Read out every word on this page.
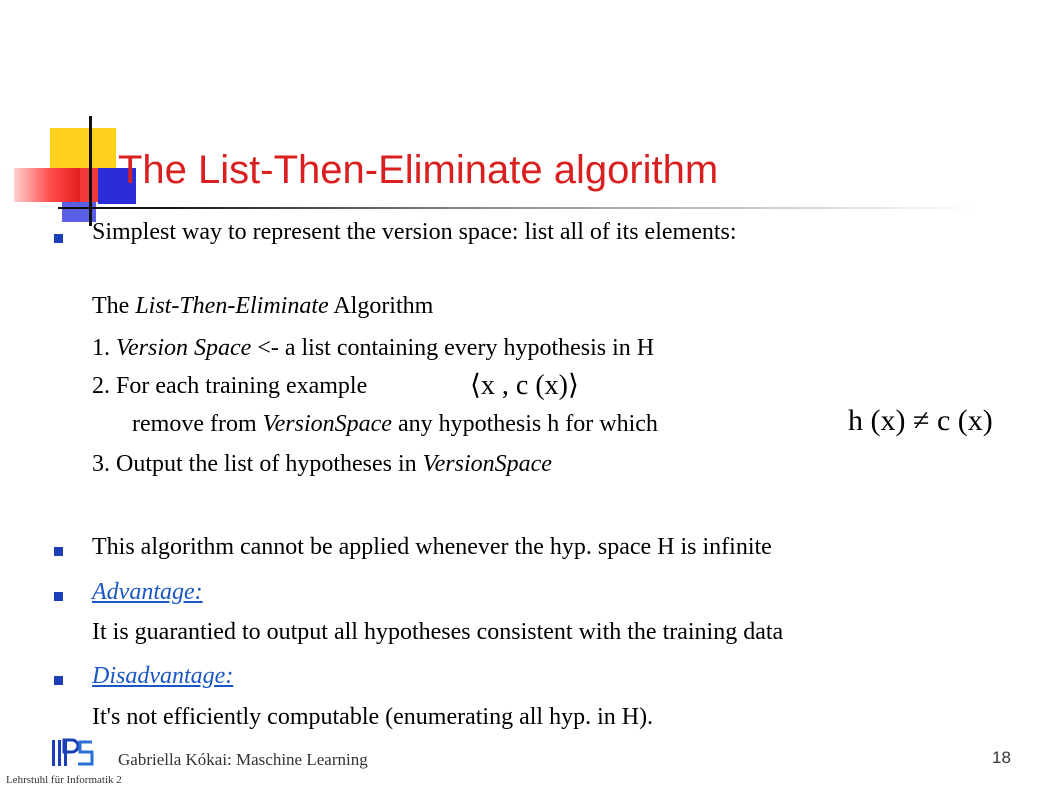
The List-Then-Eliminate algorithm
Simplest way to represent the version space: list all of its elements:
The List-Then-Eliminate Algorithm
1. Version Space <- a list containing every hypothesis in H
2. For each training example	⟨x , c (x)⟩
remove from VersionSpace any hypothesis h for which	h (x) ≠ c (x)
3. Output the list of hypotheses in VersionSpace
This algorithm cannot be applied whenever the hyp. space H is infinite
Advantage:
It is guarantied to output all hypotheses consistent with the training data
Disadvantage:
It's not efficiently computable (enumerating all hyp. in H).
Gabriella Kókai: Maschine Learning
Lehrstuhl für Informatik 2
18
